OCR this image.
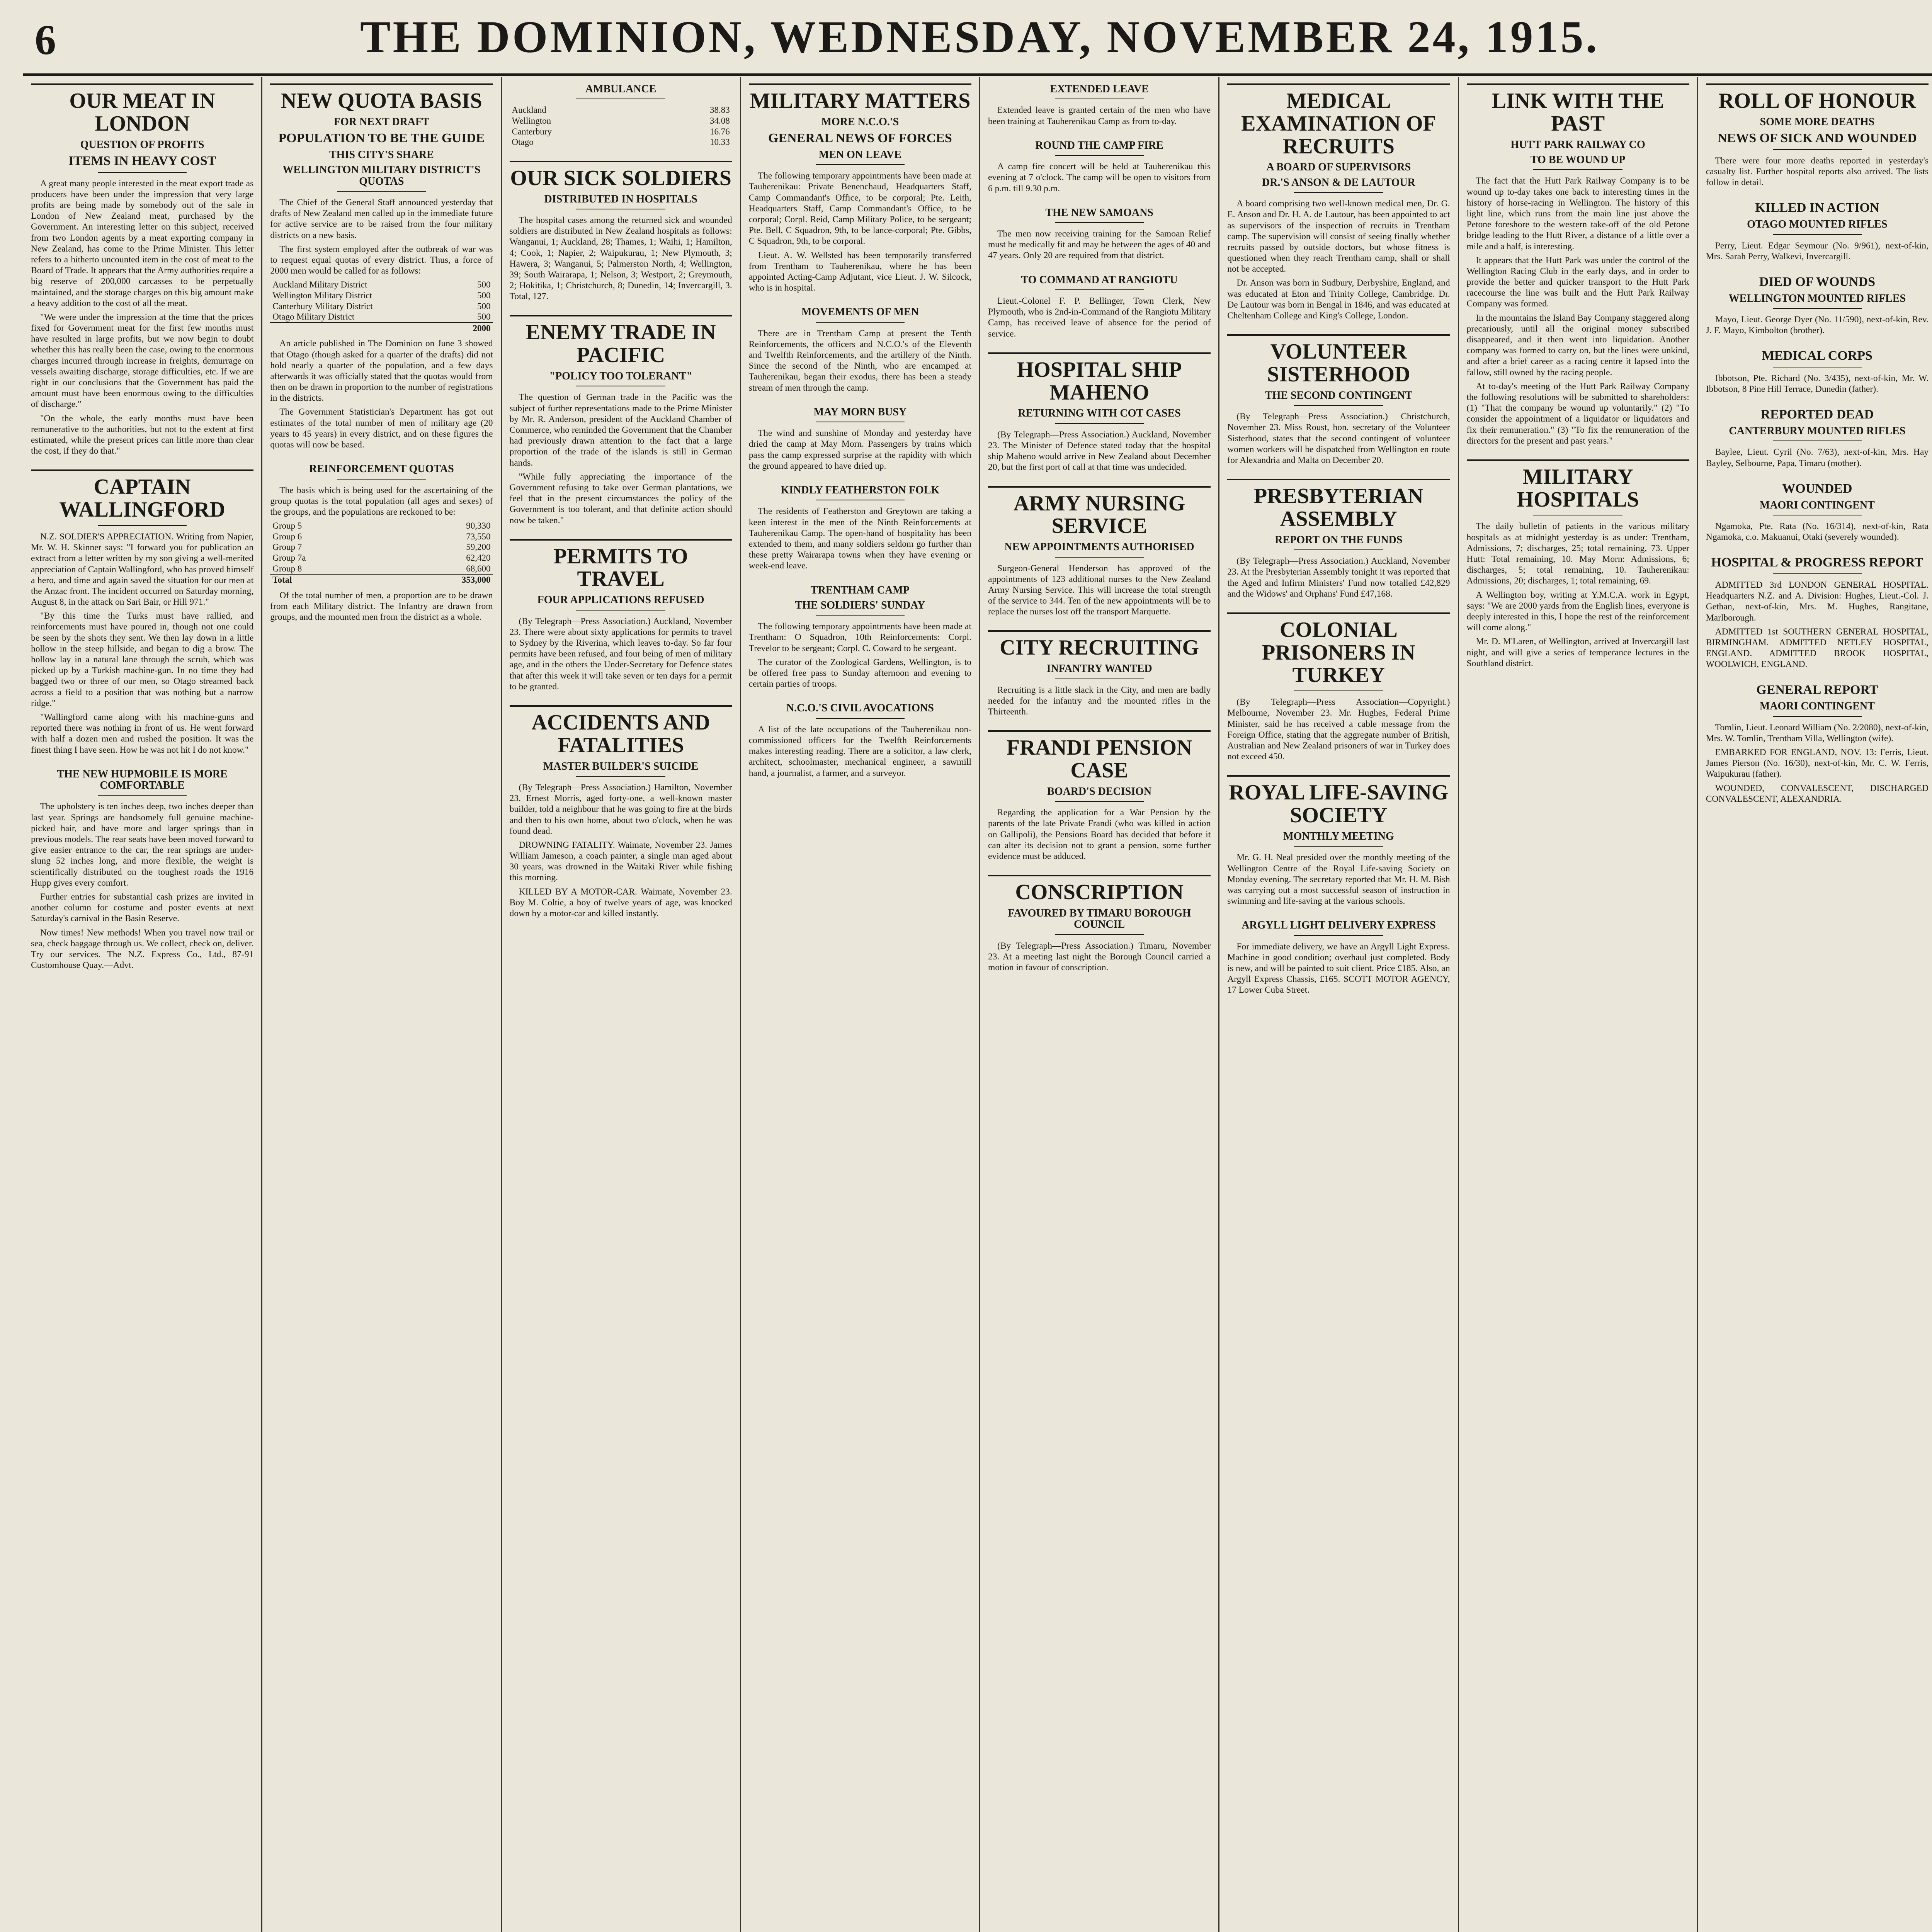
6	THE DOMINION, WEDNESDAY, NOVEMBER 24, 1915.
OUR MEAT IN LONDON
QUESTION OF PROFITS
ITEMS IN HEAVY COST

A great many people interested in the meat export trade as producers have been under the impression that very large profits are being made by somebody out of the sale in London of New Zealand meat, purchased by the Government. An interesting letter on this subject, received from two London agents by a meat exporting company in New Zealand, has come to the Prime Minister. This letter refers to a hitherto uncounted item in the cost of meat to the Board of Trade. It appears that the Army authorities require a big reserve of 200,000 carcasses to be perpetually maintained, and the storage charges on this big amount make a heavy addition to the cost of all the meat.

"We were under the impression at the time that the prices fixed for Government meat for the first few months must have resulted in large profits, but we now begin to doubt whether this has really been the case, owing to the enormous charges incurred through increase in freights, demurrage on vessels awaiting discharge, storage difficulties, etc. If we are right in our conclusions that the Government has paid the amount must have been enormous owing to the difficulties of discharge."

"On the whole, the early months must have been remunerative to the authorities, but not to the extent at first estimated, while the present prices can little more than clear the cost, if they do that."

CAPTAIN WALLINGFORD

N.Z. SOLDIER'S APPRECIATION. Writing from Napier, Mr. W. H. Skinner says: "I forward you for publication an extract from a letter written by my son giving a well-merited appreciation of Captain Wallingford, who has proved himself a hero, and time and again saved the situation for our men at the Anzac front. The incident occurred on Saturday morning, August 8, in the attack on Sari Bair, or Hill 971."

"By this time the Turks must have rallied, and reinforcements must have poured in, though not one could be seen by the shots they sent. We then lay down in a little hollow in the steep hillside, and began to dig a brow. The hollow lay in a natural lane through the scrub, which was picked up by a Turkish machine-gun. In no time they had bagged two or three of our men, so Otago streamed back across a field to a position that was nothing but a narrow ridge."

"Wallingford came along with his machine-guns and reported there was nothing in front of us. He went forward with half a dozen men and rushed the position. It was the finest thing I have seen. How he was not hit I do not know."

THE NEW HUPMOBILE IS MORE COMFORTABLE

The upholstery is ten inches deep, two inches deeper than last year. Springs are handsomely full genuine machine-picked hair, and have more and larger springs than in previous models. The rear seats have been moved forward to give easier entrance to the car, the rear springs are under-slung 52 inches long, and more flexible, the weight is scientifically distributed on the toughest roads the 1916 Hupp gives every comfort.

Further entries for substantial cash prizes are invited in another column for costume and poster events at next Saturday's carnival in the Basin Reserve.

Now times! New methods! When you travel now trail or sea, check baggage through us. We collect, check on, deliver. Try our services. The N.Z. Express Co., Ltd., 87-91 Customhouse Quay.—Advt.

NEW QUOTA BASIS
FOR NEXT DRAFT
POPULATION TO BE THE GUIDE
THIS CITY'S SHARE
WELLINGTON MILITARY DISTRICT'S QUOTAS

The Chief of the General Staff announced yesterday that drafts of New Zealand men called up in the immediate future for active service are to be raised from the four military districts on a new basis.

The first system employed after the outbreak of war was to request equal quotas of every district. Thus, a force of 2000 men would be called for as follows:

Auckland Military District	500
Wellington Military District	500
Canterbury Military District	500
Otago Military District	500
	2000

An article published in The Dominion on June 3 showed that Otago (though asked for a quarter of the drafts) did not hold nearly a quarter of the population, and a few days afterwards it was officially stated that the quotas would from then on be drawn in proportion to the number of registrations in the districts.

The Government Statistician's Department has got out estimates of the total number of men of military age (20 years to 45 years) in every district, and on these figures the quotas will now be based.

REINFORCEMENT QUOTAS

The basis which is being used for the ascertaining of the group quotas is the total population (all ages and sexes) of the groups, and the populations are reckoned to be:

Group 5	90,330
Group 6	73,550
Group 7	59,200
Group 7a	62,420
Group 8	68,600
Total	353,000

Of the total number of men, a proportion are to be drawn from each Military district. The Infantry are drawn from groups, and the mounted men from the district as a whole.

AMBULANCE
Auckland	38.83
Wellington	34.08
Canterbury	16.76
Otago	10.33
OUR SICK SOLDIERS
DISTRIBUTED IN HOSPITALS

The hospital cases among the returned sick and wounded soldiers are distributed in New Zealand hospitals as follows: Wanganui, 1; Auckland, 28; Thames, 1; Waihi, 1; Hamilton, 4; Cook, 1; Napier, 2; Waipukurau, 1; New Plymouth, 3; Hawera, 3; Wanganui, 5; Palmerston North, 4; Wellington, 39; South Wairarapa, 1; Nelson, 3; Westport, 2; Greymouth, 2; Hokitika, 1; Christchurch, 8; Dunedin, 14; Invercargill, 3. Total, 127.

ENEMY TRADE IN PACIFIC
"POLICY TOO TOLERANT"

The question of German trade in the Pacific was the subject of further representations made to the Prime Minister by Mr. R. Anderson, president of the Auckland Chamber of Commerce, who reminded the Government that the Chamber had previously drawn attention to the fact that a large proportion of the trade of the islands is still in German hands.

"While fully appreciating the importance of the Government refusing to take over German plantations, we feel that in the present circumstances the policy of the Government is too tolerant, and that definite action should now be taken."

PERMITS TO TRAVEL
FOUR APPLICATIONS REFUSED

(By Telegraph—Press Association.) Auckland, November 23. There were about sixty applications for permits to travel to Sydney by the Riverina, which leaves to-day. So far four permits have been refused, and four being of men of military age, and in the others the Under-Secretary for Defence states that after this week it will take seven or ten days for a permit to be granted.

ACCIDENTS AND FATALITIES
MASTER BUILDER'S SUICIDE

(By Telegraph—Press Association.) Hamilton, November 23. Ernest Morris, aged forty-one, a well-known master builder, told a neighbour that he was going to fire at the birds and then to his own home, about two o'clock, when he was found dead.

DROWNING FATALITY. Waimate, November 23. James William Jameson, a coach painter, a single man aged about 30 years, was drowned in the Waitaki River while fishing this morning.

KILLED BY A MOTOR-CAR. Waimate, November 23. Boy M. Coltie, a boy of twelve years of age, was knocked down by a motor-car and killed instantly.

MILITARY MATTERS
MORE N.C.O.'S
GENERAL NEWS OF FORCES
MEN ON LEAVE

The following temporary appointments have been made at Tauherenikau: Private Benenchaud, Headquarters Staff, Camp Commandant's Office, to be corporal; Pte. Leith, Headquarters Staff, Camp Commandant's Office, to be corporal; Corpl. Reid, Camp Military Police, to be sergeant; Pte. Bell, C Squadron, 9th, to be lance-corporal; Pte. Gibbs, C Squadron, 9th, to be corporal.

Lieut. A. W. Wellsted has been temporarily transferred from Trentham to Tauherenikau, where he has been appointed Acting-Camp Adjutant, vice Lieut. J. W. Silcock, who is in hospital.

MOVEMENTS OF MEN

There are in Trentham Camp at present the Tenth Reinforcements, the officers and N.C.O.'s of the Eleventh and Twelfth Reinforcements, and the artillery of the Ninth. Since the second of the Ninth, who are encamped at Tauherenikau, began their exodus, there has been a steady stream of men through the camp.

MAY MORN BUSY

The wind and sunshine of Monday and yesterday have dried the camp at May Morn. Passengers by trains which pass the camp expressed surprise at the rapidity with which the ground appeared to have dried up.

KINDLY FEATHERSTON FOLK

The residents of Featherston and Greytown are taking a keen interest in the men of the Ninth Reinforcements at Tauherenikau Camp. The open-hand of hospitality has been extended to them, and many soldiers seldom go further than these pretty Wairarapa towns when they have evening or week-end leave.

TRENTHAM CAMP
THE SOLDIERS' SUNDAY

The following temporary appointments have been made at Trentham: O Squadron, 10th Reinforcements: Corpl. Trevelor to be sergeant; Corpl. C. Coward to be sergeant.

The curator of the Zoological Gardens, Wellington, is to be offered free pass to Sunday afternoon and evening to certain parties of troops.

N.C.O.'S CIVIL AVOCATIONS

A list of the late occupations of the Tauherenikau non-commissioned officers for the Twelfth Reinforcements makes interesting reading. There are a solicitor, a law clerk, architect, schoolmaster, mechanical engineer, a sawmill hand, a journalist, a farmer, and a surveyor.

EXTENDED LEAVE

Extended leave is granted certain of the men who have been training at Tauherenikau Camp as from to-day.

ROUND THE CAMP FIRE

A camp fire concert will be held at Tauherenikau this evening at 7 o'clock. The camp will be open to visitors from 6 p.m. till 9.30 p.m.

THE NEW SAMOANS

The men now receiving training for the Samoan Relief must be medically fit and may be between the ages of 40 and 47 years. Only 20 are required from that district.

TO COMMAND AT RANGIOTU

Lieut.-Colonel F. P. Bellinger, Town Clerk, New Plymouth, who is 2nd-in-Command of the Rangiotu Military Camp, has received leave of absence for the period of service.

HOSPITAL SHIP MAHENO
RETURNING WITH COT CASES

(By Telegraph—Press Association.) Auckland, November 23. The Minister of Defence stated today that the hospital ship Maheno would arrive in New Zealand about December 20, but the first port of call at that time was undecided.

ARMY NURSING SERVICE
NEW APPOINTMENTS AUTHORISED

Surgeon-General Henderson has approved of the appointments of 123 additional nurses to the New Zealand Army Nursing Service. This will increase the total strength of the service to 344. Ten of the new appointments will be to replace the nurses lost off the transport Marquette.

CITY RECRUITING
INFANTRY WANTED

Recruiting is a little slack in the City, and men are badly needed for the infantry and the mounted rifles in the Thirteenth.

FRANDI PENSION CASE
BOARD'S DECISION

Regarding the application for a War Pension by the parents of the late Private Frandi (who was killed in action on Gallipoli), the Pensions Board has decided that before it can alter its decision not to grant a pension, some further evidence must be adduced.

CONSCRIPTION
FAVOURED BY TIMARU BOROUGH COUNCIL

(By Telegraph—Press Association.) Timaru, November 23. At a meeting last night the Borough Council carried a motion in favour of conscription.

MEDICAL EXAMINATION OF RECRUITS
A BOARD OF SUPERVISORS
DR.'S ANSON & DE LAUTOUR

A board comprising two well-known medical men, Dr. G. E. Anson and Dr. H. A. de Lautour, has been appointed to act as supervisors of the inspection of recruits in Trentham camp. The supervision will consist of seeing finally whether recruits passed by outside doctors, but whose fitness is questioned when they reach Trentham camp, shall or shall not be accepted.

Dr. Anson was born in Sudbury, Derbyshire, England, and was educated at Eton and Trinity College, Cambridge. Dr. De Lautour was born in Bengal in 1846, and was educated at Cheltenham College and King's College, London.

VOLUNTEER SISTERHOOD
THE SECOND CONTINGENT

(By Telegraph—Press Association.) Christchurch, November 23. Miss Roust, hon. secretary of the Volunteer Sisterhood, states that the second contingent of volunteer women workers will be dispatched from Wellington en route for Alexandria and Malta on December 20.

PRESBYTERIAN ASSEMBLY
REPORT ON THE FUNDS

(By Telegraph—Press Association.) Auckland, November 23. At the Presbyterian Assembly tonight it was reported that the Aged and Infirm Ministers' Fund now totalled £42,829 and the Widows' and Orphans' Fund £47,168.

COLONIAL PRISONERS IN TURKEY

(By Telegraph—Press Association—Copyright.) Melbourne, November 23. Mr. Hughes, Federal Prime Minister, said he has received a cable message from the Foreign Office, stating that the aggregate number of British, Australian and New Zealand prisoners of war in Turkey does not exceed 450.

ROYAL LIFE-SAVING SOCIETY
MONTHLY MEETING

Mr. G. H. Neal presided over the monthly meeting of the Wellington Centre of the Royal Life-saving Society on Monday evening. The secretary reported that Mr. H. M. Bish was carrying out a most successful season of instruction in swimming and life-saving at the various schools.

ARGYLL LIGHT DELIVERY EXPRESS

For immediate delivery, we have an Argyll Light Express. Machine in good condition; overhaul just completed. Body is new, and will be painted to suit client. Price £185. Also, an Argyll Express Chassis, £165. SCOTT MOTOR AGENCY, 17 Lower Cuba Street.

LINK WITH THE PAST
HUTT PARK RAILWAY CO
TO BE WOUND UP

The fact that the Hutt Park Railway Company is to be wound up to-day takes one back to interesting times in the history of horse-racing in Wellington. The history of this light line, which runs from the main line just above the Petone foreshore to the western take-off of the old Petone bridge leading to the Hutt River, a distance of a little over a mile and a half, is interesting.

It appears that the Hutt Park was under the control of the Wellington Racing Club in the early days, and in order to provide the better and quicker transport to the Hutt Park racecourse the line was built and the Hutt Park Railway Company was formed.

In the mountains the Island Bay Company staggered along precariously, until all the original money subscribed disappeared, and it then went into liquidation. Another company was formed to carry on, but the lines were unkind, and after a brief career as a racing centre it lapsed into the fallow, still owned by the racing people.

At to-day's meeting of the Hutt Park Railway Company the following resolutions will be submitted to shareholders: (1) "That the company be wound up voluntarily." (2) "To consider the appointment of a liquidator or liquidators and fix their remuneration." (3) "To fix the remuneration of the directors for the present and past years."

MILITARY HOSPITALS

The daily bulletin of patients in the various military hospitals as at midnight yesterday is as under: Trentham, Admissions, 7; discharges, 25; total remaining, 73. Upper Hutt: Total remaining, 10. May Morn: Admissions, 6; discharges, 5; total remaining, 10. Tauherenikau: Admissions, 20; discharges, 1; total remaining, 69.

A Wellington boy, writing at Y.M.C.A. work in Egypt, says: "We are 2000 yards from the English lines, everyone is deeply interested in this, I hope the rest of the reinforcement will come along."

Mr. D. M'Laren, of Wellington, arrived at Invercargill last night, and will give a series of temperance lectures in the Southland district.

ROLL OF HONOUR
SOME MORE DEATHS
NEWS OF SICK AND WOUNDED

There were four more deaths reported in yesterday's casualty list. Further hospital reports also arrived. The lists follow in detail.

KILLED IN ACTION
OTAGO MOUNTED RIFLES

Perry, Lieut. Edgar Seymour (No. 9/961), next-of-kin, Mrs. Sarah Perry, Walkevi, Invercargill.

DIED OF WOUNDS
WELLINGTON MOUNTED RIFLES

Mayo, Lieut. George Dyer (No. 11/590), next-of-kin, Rev. J. F. Mayo, Kimbolton (brother).

MEDICAL CORPS

Ibbotson, Pte. Richard (No. 3/435), next-of-kin, Mr. W. Ibbotson, 8 Pine Hill Terrace, Dunedin (father).

REPORTED DEAD
CANTERBURY MOUNTED RIFLES

Baylee, Lieut. Cyril (No. 7/63), next-of-kin, Mrs. Hay Bayley, Selbourne, Papa, Timaru (mother).

WOUNDED
MAORI CONTINGENT

Ngamoka, Pte. Rata (No. 16/314), next-of-kin, Rata Ngamoka, c.o. Makuanui, Otaki (severely wounded).

HOSPITAL & PROGRESS REPORT

ADMITTED 3rd LONDON GENERAL HOSPITAL. Headquarters N.Z. and A. Division: Hughes, Lieut.-Col. J. Gethan, next-of-kin, Mrs. M. Hughes, Rangitane, Marlborough.

ADMITTED 1st SOUTHERN GENERAL HOSPITAL, BIRMINGHAM. ADMITTED NETLEY HOSPITAL, ENGLAND. ADMITTED BROOK HOSPITAL, WOOLWICH, ENGLAND.

GENERAL REPORT
MAORI CONTINGENT

Tomlin, Lieut. Leonard William (No. 2/2080), next-of-kin, Mrs. W. Tomlin, Trentham Villa, Wellington (wife).

EMBARKED FOR ENGLAND, NOV. 13: Ferris, Lieut. James Pierson (No. 16/30), next-of-kin, Mr. C. W. Ferris, Waipukurau (father).

WOUNDED, CONVALESCENT, DISCHARGED CONVALESCENT, ALEXANDRIA.
